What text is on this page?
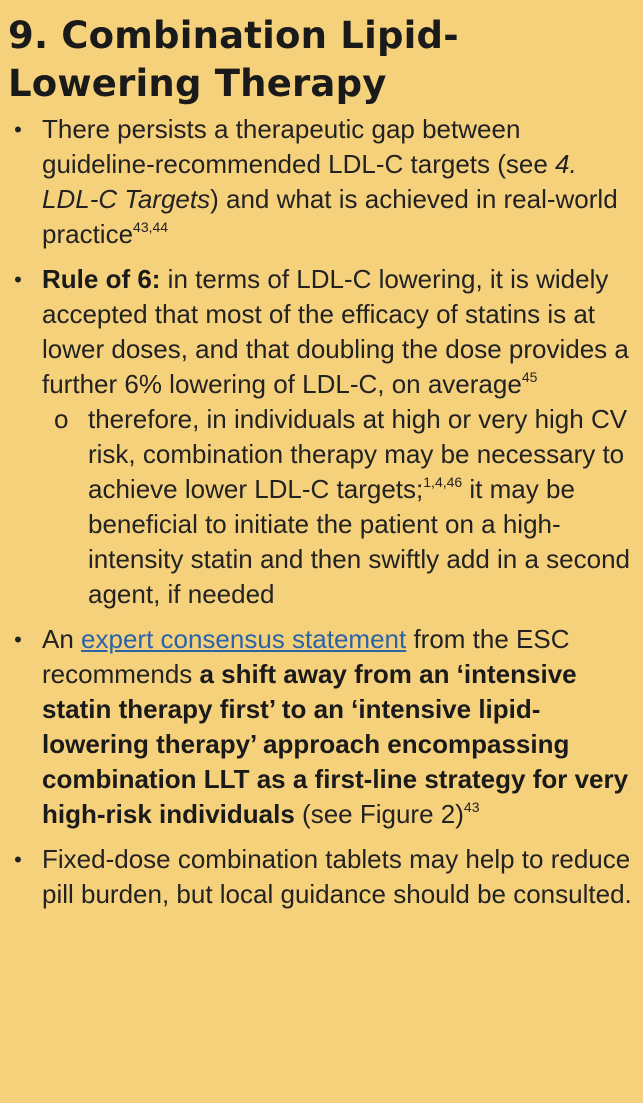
9. Combination Lipid-Lowering Therapy
• There persists a therapeutic gap between guideline-recommended LDL-C targets (see 4. LDL-C Targets) and what is achieved in real-world practice$^{43,44}$
• Rule of 6: in terms of LDL-C lowering, it is widely accepted that most of the efficacy of statins is at lower doses, and that doubling the dose provides a further 6% lowering of LDL-C, on average$^{45}$
o therefore, in individuals at high or very high CV risk, combination therapy may be necessary to achieve lower LDL-C targets;$^{1,4,46}$ it may be beneficial to initiate the patient on a high-intensity statin and then swiftly add in a second agent, if needed
• An expert consensus statement from the ESC recommends a shift away from an ‘intensive statin therapy first’ to an ‘intensive lipid-lowering therapy’ approach encompassing combination LLT as a first-line strategy for very high-risk individuals (see Figure 2)$^{43}$
• Fixed-dose combination tablets may help to reduce pill burden, but local guidance should be consulted.
